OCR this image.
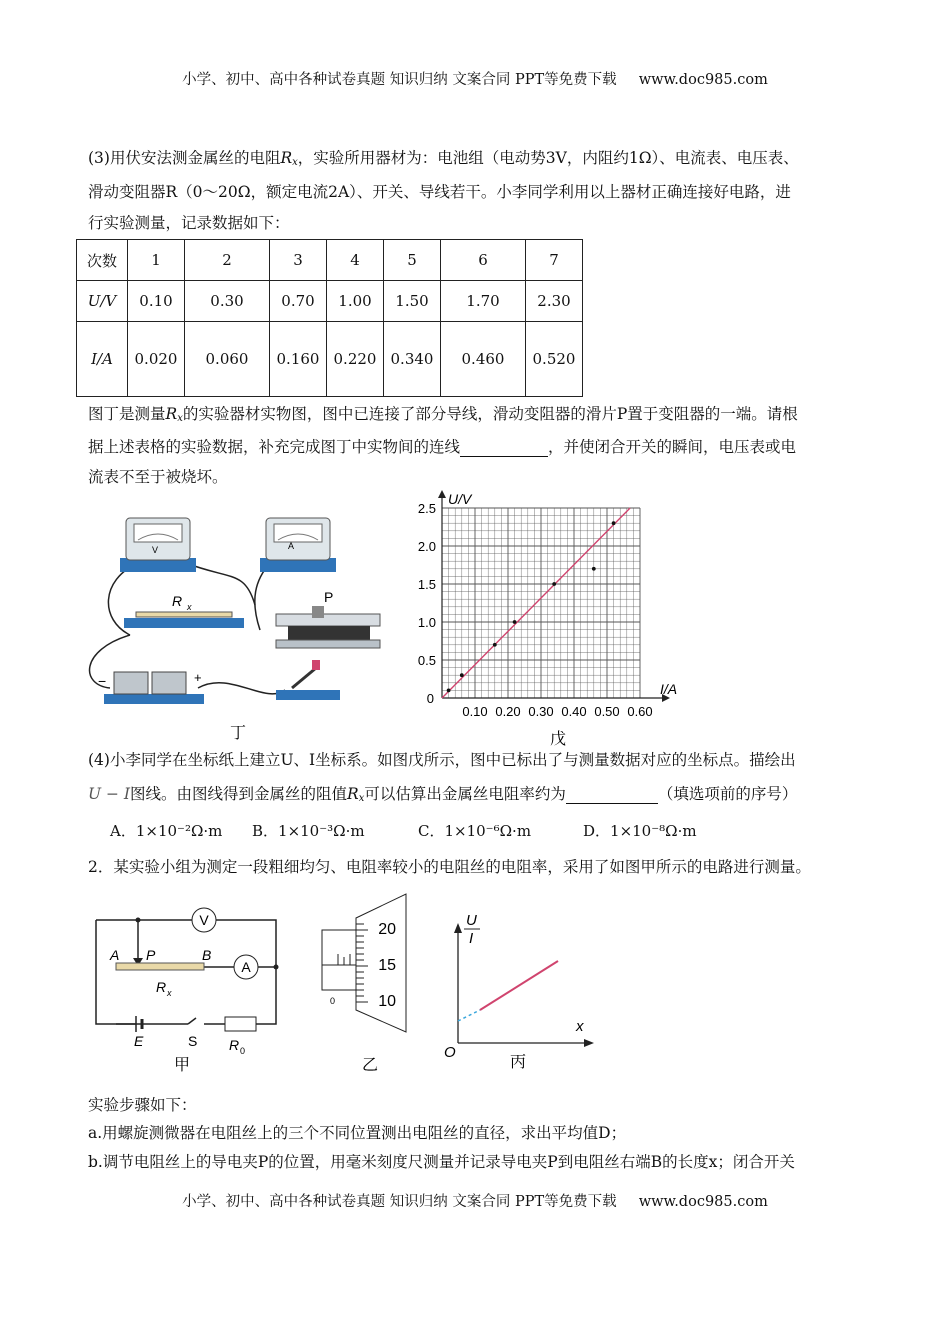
小学、初中、高中各种试卷真题 知识归纳 文案合同 PPT等免费下载 www.doc985.com
小学、初中、高中各种试卷真题 知识归纳 文案合同 PPT等免费下载 www.doc985.com
(3)用伏安法测金属丝的电阻Rx，实验所用器材为：电池组（电动势3V，内阻约1Ω）、电流表、电压表、
滑动变阻器R（0～20Ω，额定电流2A）、开关、导线若干。小李同学利用以上器材正确连接好电路，进
行实验测量，记录数据如下：
次数	1	2	3	4	5	6	7
U/V	0.10	0.30	0.70	1.00	1.50	1.70	2.30
I/A	0.020	0.060	0.160	0.220	0.340	0.460	0.520
图丁是测量Rx的实验器材实物图，图中已连接了部分导线，滑动变阻器的滑片P置于变阻器的一端。请根
据上述表格的实验数据，补充完成图丁中实物间的连线	，并使闭合开关的瞬间，电压表或电
流表不至于被烧坏。
V	A
R x
P
−	+
丁
0.10 0.20 0.30 0.40 0.50 0.60
0.5
1.0
1.5
2.0
2.5
0
I/A
U/V
戊
(4)小李同学在坐标纸上建立U、I坐标系。如图戊所示，图中已标出了与测量数据对应的坐标点。描绘出
U − I图线。由图线得到金属丝的阻值Rx可以估算出金属丝电阻率约为	（填选项前的序号）
A．1×10⁻²Ω·m B．1×10⁻³Ω·m	C．1×10⁻⁶Ω·m	D．1×10⁻⁸Ω·m
2．某实验小组为测定一段粗细均匀、电阻率较小的电阻丝的电阻率，采用了如图甲所示的电路进行测量。
V
A
A P	B
R x
E	S R 0
甲
20
15
10
0
乙
U
I
x
O
丙
实验步骤如下：
a.用螺旋测微器在电阻丝上的三个不同位置测出电阻丝的直径，求出平均值D；
b.调节电阻丝上的导电夹P的位置，用毫米刻度尺测量并记录导电夹P到电阻丝右端B的长度x；闭合开关
